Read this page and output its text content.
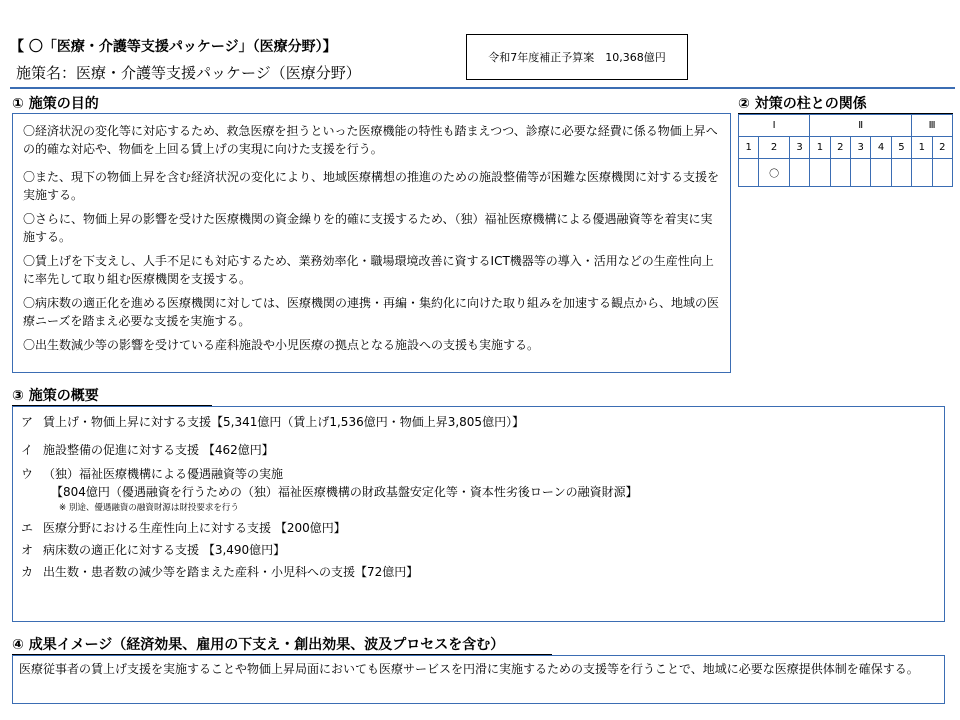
【 〇「医療・介護等支援パッケージ」（医療分野）】
施策名：医療・介護等支援パッケージ（医療分野）
令和7年度補正予算案　10,368億円
① 施策の目的
〇経済状況の変化等に対応するため、救急医療を担うといった医療機能の特性も踏まえつつ、診療に必要な経費に係る物価上昇への的確な対応や、物価を上回る賃上げの実現に向けた支援を行う。
〇また、現下の物価上昇を含む経済状況の変化により、地域医療構想の推進のための施設整備等が困難な医療機関に対する支援を実施する。
〇さらに、物価上昇の影響を受けた医療機関の資金繰りを的確に支援するため、（独）福祉医療機構による優遇融資等を着実に実施する。
〇賃上げを下支えし、人手不足にも対応するため、業務効率化・職場環境改善に資するICT機器等の導入・活用などの生産性向上に率先して取り組む医療機関を支援する。
〇病床数の適正化を進める医療機関に対しては、医療機関の連携・再編・集約化に向けた取り組みを加速する観点から、地域の医療ニーズを踏まえ必要な支援を実施する。
〇出生数減少等の影響を受けている産科施設や小児医療の拠点となる施設への支援も実施する。
② 対策の柱との関係
Ⅰ			Ⅱ					Ⅲ	
1	2	3	1	2	3	4	5	1	2
	〇								
③ 施策の概要
ア 賃上げ・物価上昇に対する支援【5,341億円（賃上げ1,536億円・物価上昇3,805億円）】
イ 施設整備の促進に対する支援 【462億円】
ウ （独）福祉医療機構による優遇融資等の実施
【804億円（優遇融資を行うための（独）福祉医療機構の財政基盤安定化等・資本性劣後ローンの融資財源】
※ 別途、優遇融資の融資財源は財投要求を行う
エ 医療分野における生産性向上に対する支援 【200億円】
オ 病床数の適正化に対する支援 【3,490億円】
カ 出生数・患者数の減少等を踏まえた産科・小児科への支援【72億円】
④ 成果イメージ（経済効果、雇用の下支え・創出効果、波及プロセスを含む）
医療従事者の賃上げ支援を実施することや物価上昇局面においても医療サービスを円滑に実施するための支援等を行うことで、地域に必要な医療提供体制を確保する。
